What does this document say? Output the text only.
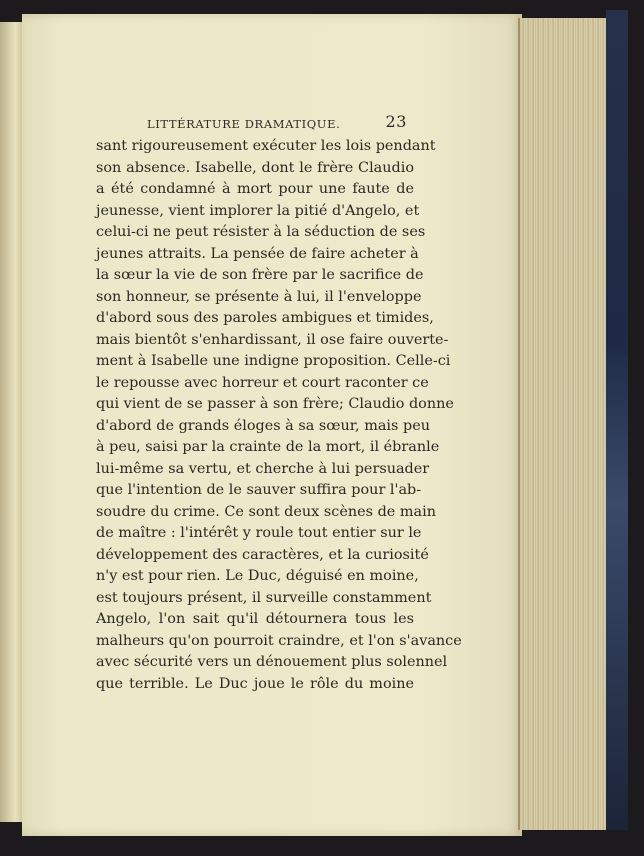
LITTÉRATURE DRAMATIQUE.	23
sant rigoureusement exécuter les lois pendant
son absence. Isabelle, dont le frère Claudio
a été condamné à mort pour une faute de
jeunesse, vient implorer la pitié d'Angelo, et
celui-ci ne peut résister à la séduction de ses
jeunes attraits. La pensée de faire acheter à
la sœur la vie de son frère par le sacrifice de
son honneur, se présente à lui, il l'enveloppe
d'abord sous des paroles ambigues et timides,
mais bientôt s'enhardissant, il ose faire ouverte-
ment à Isabelle une indigne proposition. Celle-ci
le repousse avec horreur et court raconter ce
qui vient de se passer à son frère; Claudio donne
d'abord de grands éloges à sa sœur, mais peu
à peu, saisi par la crainte de la mort, il ébranle
lui-même sa vertu, et cherche à lui persuader
que l'intention de le sauver suffira pour l'ab-
soudre du crime. Ce sont deux scènes de main
de maître : l'intérêt y roule tout entier sur le
développement des caractères, et la curiosité
n'y est pour rien. Le Duc, déguisé en moine,
est toujours présent, il surveille constamment
Angelo, l'on sait qu'il détournera tous les
malheurs qu'on pourroit craindre, et l'on s'avance
avec sécurité vers un dénouement plus solennel
que terrible. Le Duc joue le rôle du moine
